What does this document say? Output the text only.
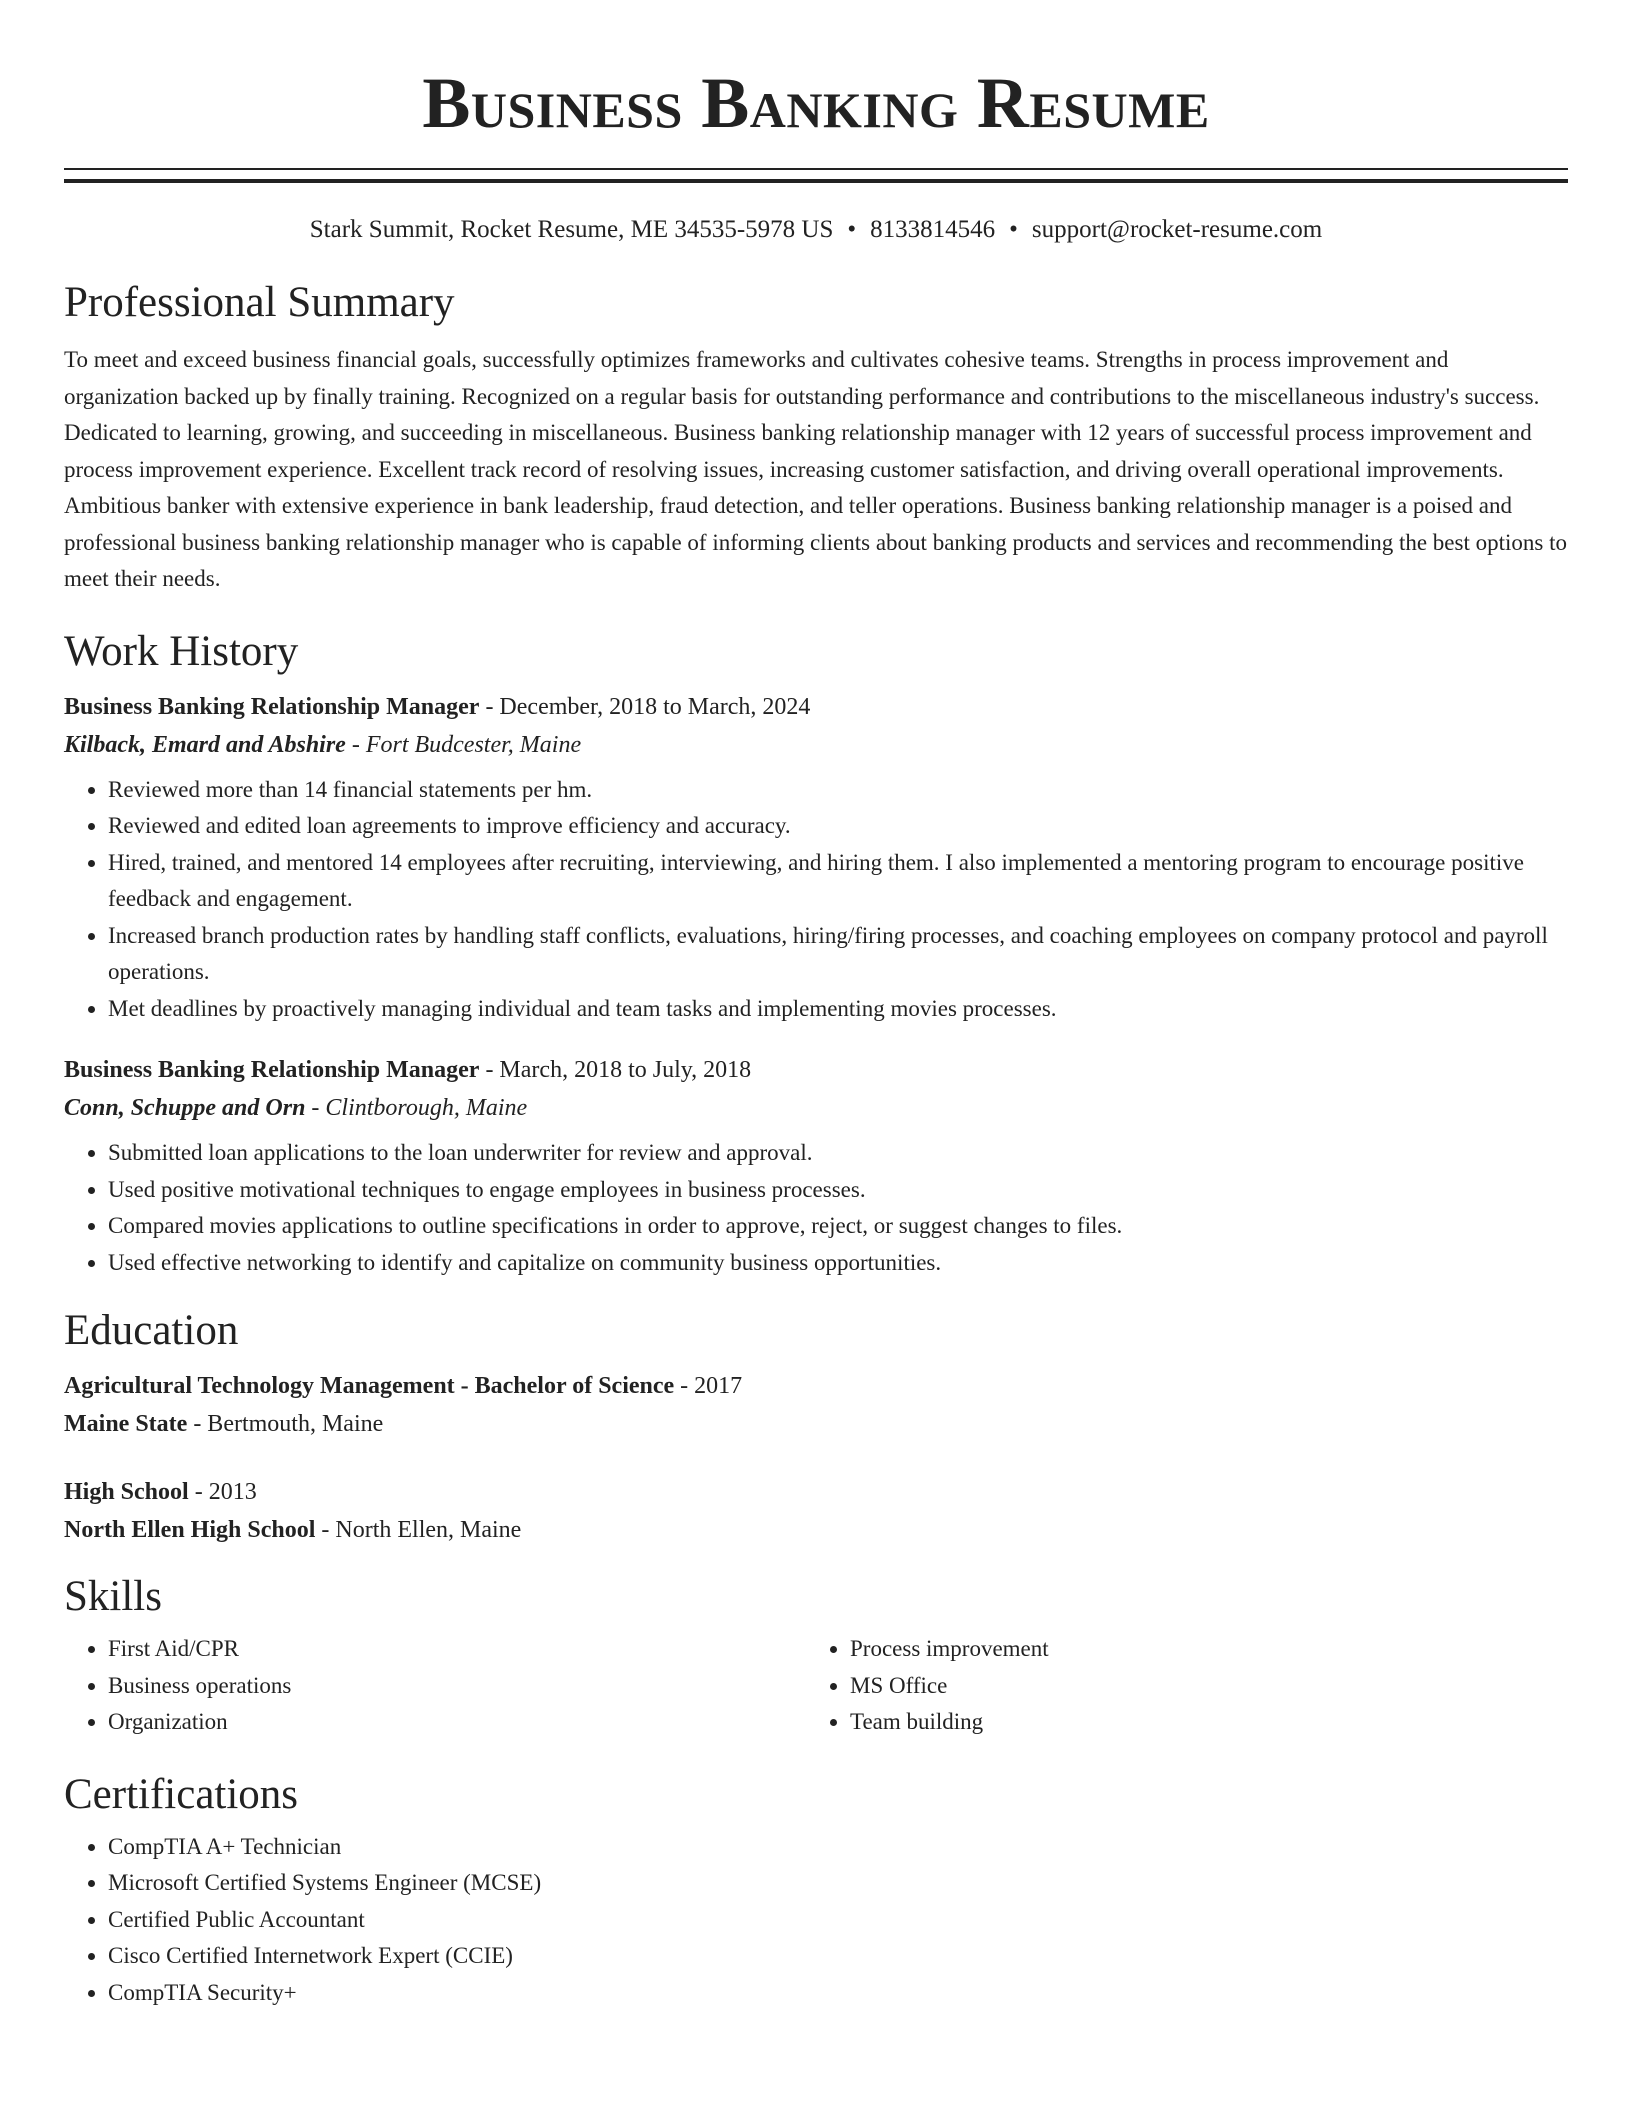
Business Banking Resume
Stark Summit, Rocket Resume, ME 34535-5978 US • 8133814546 • support@rocket-resume.com
Professional Summary

To meet and exceed business financial goals, successfully optimizes frameworks and cultivates cohesive teams. Strengths in process improvement and organization backed up by finally training. Recognized on a regular basis for outstanding performance and contributions to the miscellaneous industry's success. Dedicated to learning, growing, and succeeding in miscellaneous. Business banking relationship manager with 12 years of successful process improvement and process improvement experience. Excellent track record of resolving issues, increasing customer satisfaction, and driving overall operational improvements. Ambitious banker with extensive experience in bank leadership, fraud detection, and teller operations. Business banking relationship manager is a poised and professional business banking relationship manager who is capable of informing clients about banking products and services and recommending the best options to meet their needs.

Work History
Business Banking Relationship Manager - December, 2018 to March, 2024
Kilback, Emard and Abshire - Fort Budcester, Maine
• Reviewed more than 14 financial statements per hm.
• Reviewed and edited loan agreements to improve efficiency and accuracy.
• Hired, trained, and mentored 14 employees after recruiting, interviewing, and hiring them. I also implemented a mentoring program to encourage positive feedback and engagement.
• Increased branch production rates by handling staff conflicts, evaluations, hiring/firing processes, and coaching employees on company protocol and payroll operations.
• Met deadlines by proactively managing individual and team tasks and implementing movies processes.
Business Banking Relationship Manager - March, 2018 to July, 2018
Conn, Schuppe and Orn - Clintborough, Maine
• Submitted loan applications to the loan underwriter for review and approval.
• Used positive motivational techniques to engage employees in business processes.
• Compared movies applications to outline specifications in order to approve, reject, or suggest changes to files.
• Used effective networking to identify and capitalize on community business opportunities.
Education
Agricultural Technology Management - Bachelor of Science - 2017
Maine State - Bertmouth, Maine
High School - 2013
North Ellen High School - North Ellen, Maine
Skills
• First Aid/CPR
• Business operations
• Organization
• Process improvement
• MS Office
• Team building
Certifications
• CompTIA A+ Technician
• Microsoft Certified Systems Engineer (MCSE)
• Certified Public Accountant
• Cisco Certified Internetwork Expert (CCIE)
• CompTIA Security+
